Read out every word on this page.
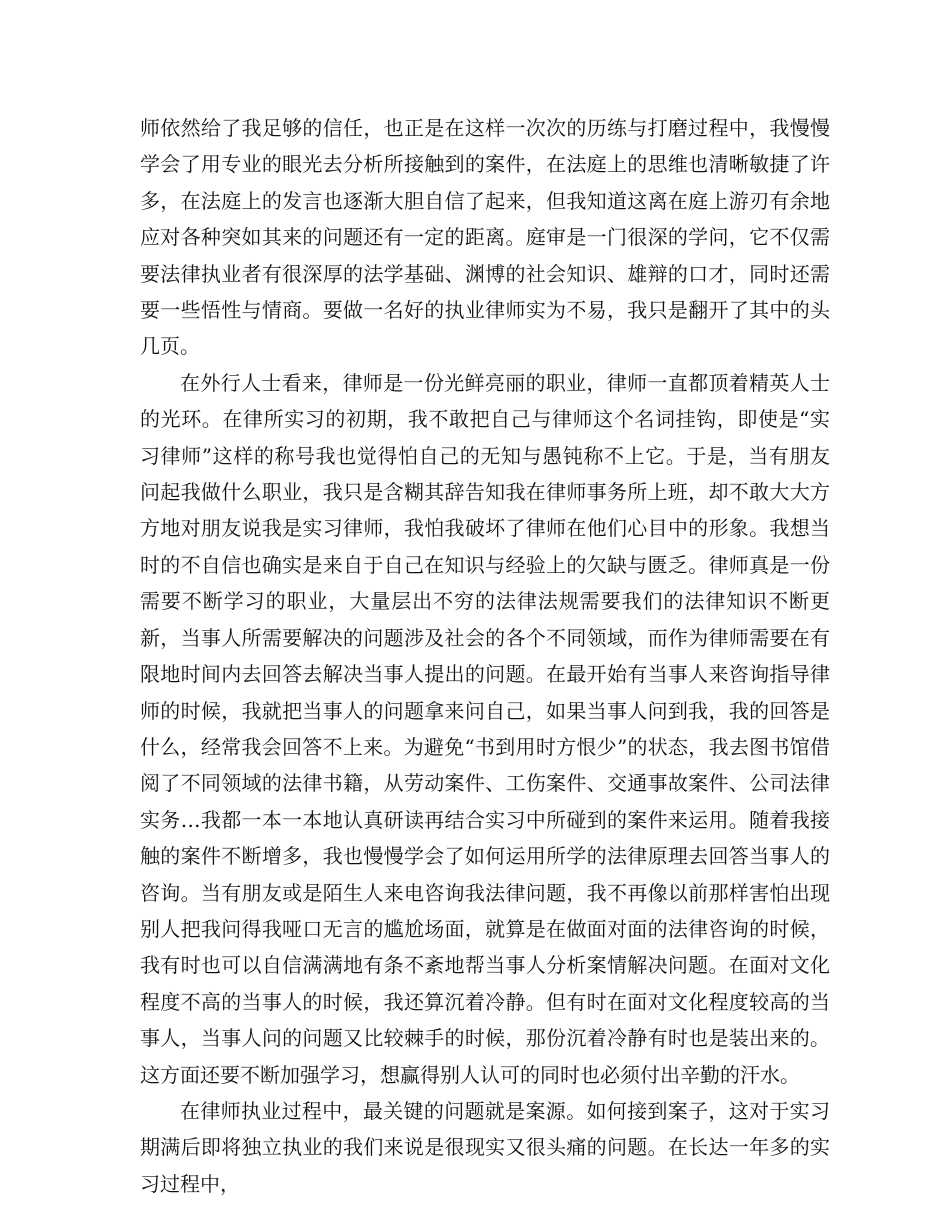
师依然给了我足够的信任，也正是在这样一次次的历练与打磨过程中，我慢慢学会了用专业的眼光去分析所接触到的案件，在法庭上的思维也清晰敏捷了许多，在法庭上的发言也逐渐大胆自信了起来，但我知道这离在庭上游刃有余地应对各种突如其来的问题还有一定的距离。庭审是一门很深的学问，它不仅需要法律执业者有很深厚的法学基础、渊博的社会知识、雄辩的口才，同时还需要一些悟性与情商。要做一名好的执业律师实为不易，我只是翻开了其中的头几页。

在外行人士看来，律师是一份光鲜亮丽的职业，律师一直都顶着精英人士的光环。在律所实习的初期，我不敢把自己与律师这个名词挂钩，即使是“实习律师”这样的称号我也觉得怕自己的无知与愚钝称不上它。于是，当有朋友问起我做什么职业，我只是含糊其辞告知我在律师事务所上班，却不敢大大方方地对朋友说我是实习律师，我怕我破坏了律师在他们心目中的形象。我想当时的不自信也确实是来自于自己在知识与经验上的欠缺与匮乏。律师真是一份需要不断学习的职业，大量层出不穷的法律法规需要我们的法律知识不断更新，当事人所需要解决的问题涉及社会的各个不同领域，而作为律师需要在有限地时间内去回答去解决当事人提出的问题。在最开始有当事人来咨询指导律师的时候，我就把当事人的问题拿来问自己，如果当事人问到我，我的回答是什么，经常我会回答不上来。为避免“书到用时方恨少”的状态，我去图书馆借阅了不同领域的法律书籍，从劳动案件、工伤案件、交通事故案件、公司法律实务…我都一本一本地认真研读再结合实习中所碰到的案件来运用。随着我接触的案件不断增多，我也慢慢学会了如何运用所学的法律原理去回答当事人的咨询。当有朋友或是陌生人来电咨询我法律问题，我不再像以前那样害怕出现别人把我问得我哑口无言的尴尬场面，就算是在做面对面的法律咨询的时候，我有时也可以自信满满地有条不紊地帮当事人分析案情解决问题。在面对文化程度不高的当事人的时候，我还算沉着冷静。但有时在面对文化程度较高的当事人，当事人问的问题又比较棘手的时候，那份沉着冷静有时也是装出来的。这方面还要不断加强学习，想赢得别人认可的同时也必须付出辛勤的汗水。

在律师执业过程中，最关键的问题就是案源。如何接到案子，这对于实习期满后即将独立执业的我们来说是很现实又很头痛的问题。在长达一年多的实习过程中，
